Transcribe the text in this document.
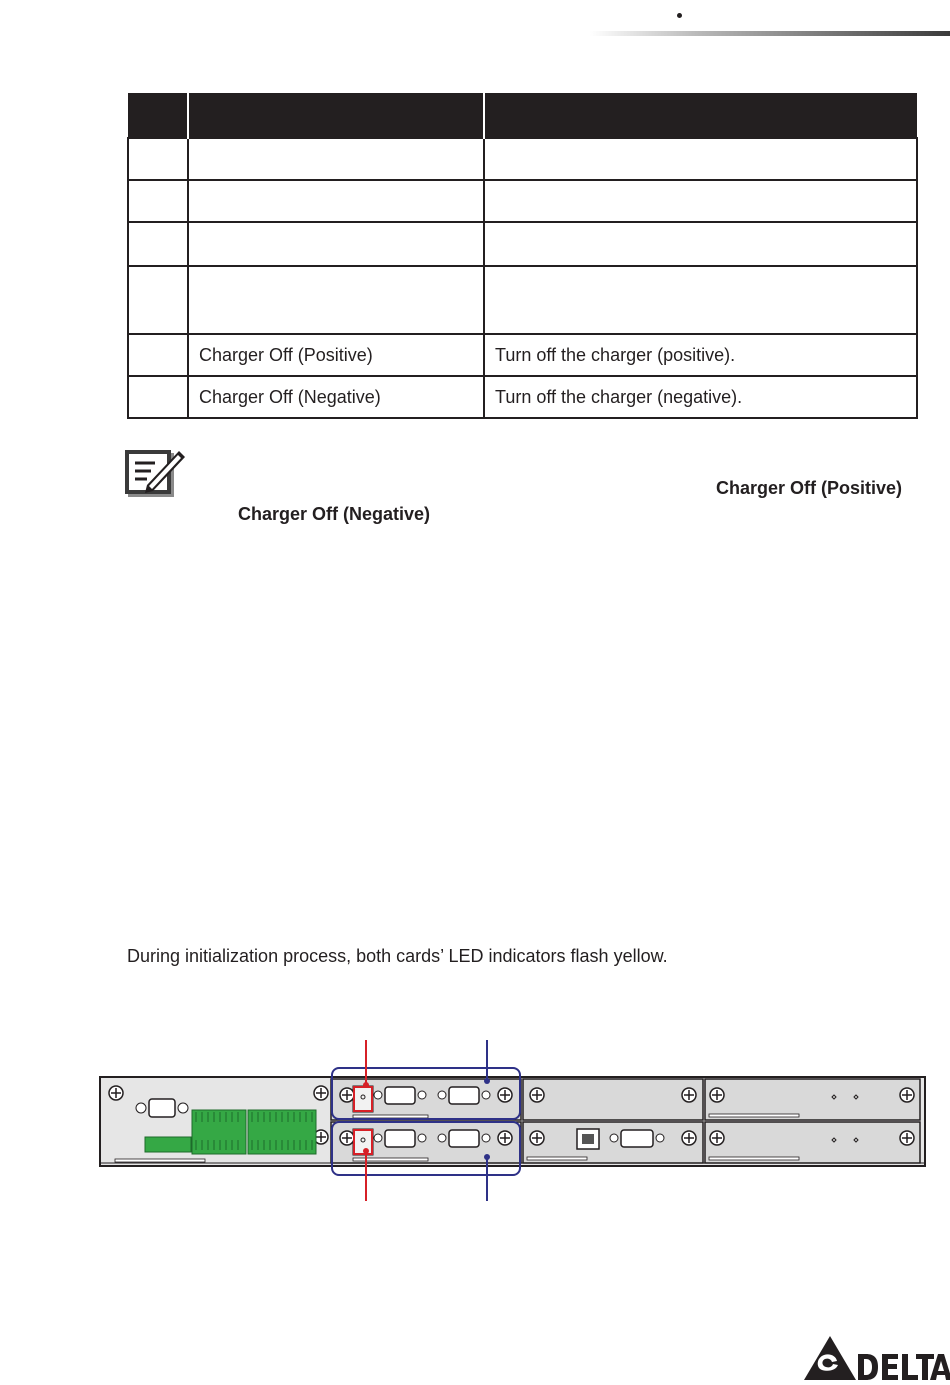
	Charger Off (Positive)	Turn off the charger (positive).
	Charger Off (Negative)	Turn off the charger (negative).
Charger Off (Positive)
Charger Off (Negative)
During initialization process, both cards’ LED indicators flash yellow.
